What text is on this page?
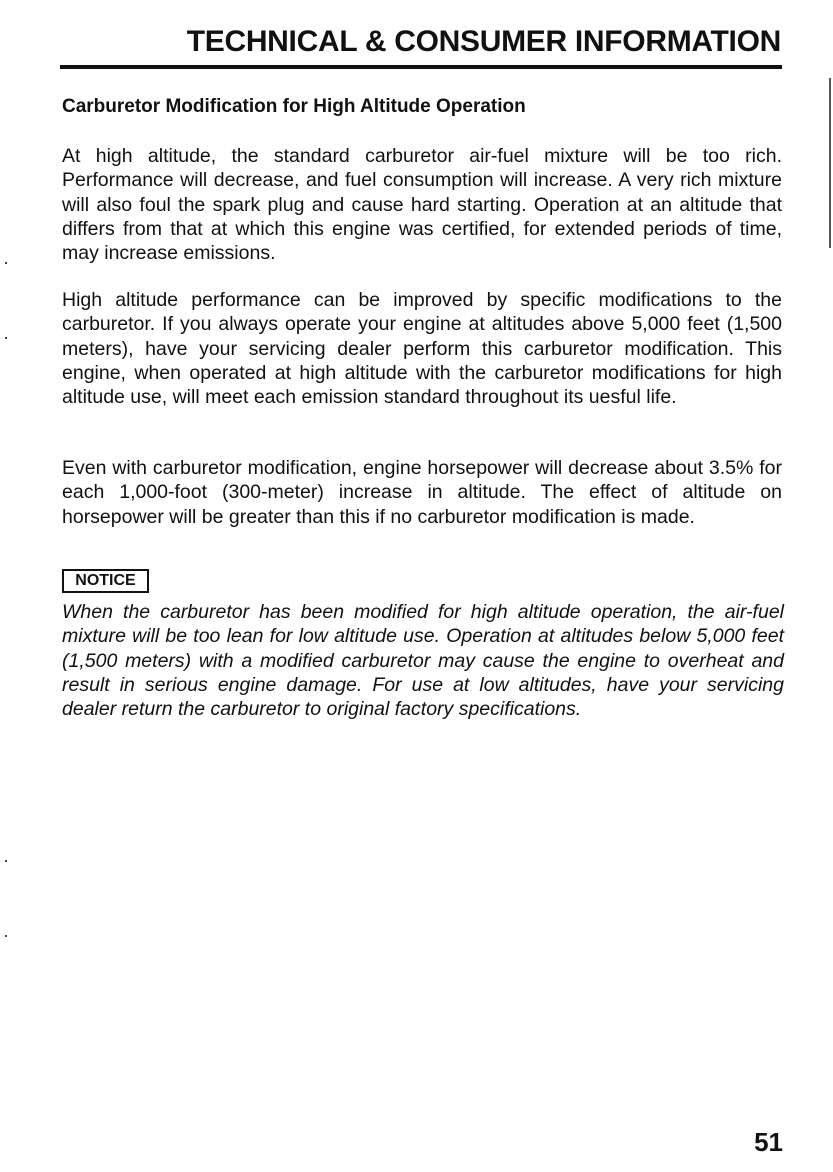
TECHNICAL & CONSUMER INFORMATION
Carburetor Modification for High Altitude Operation

At high altitude, the standard carburetor air-fuel mixture will be too rich. Performance will decrease, and fuel consumption will increase. A very rich mixture will also foul the spark plug and cause hard starting. Operation at an altitude that differs from that at which this engine was certified, for extended periods of time, may increase emissions.

High altitude performance can be improved by specific modifications to the carburetor. If you always operate your engine at altitudes above 5,000 feet (1,500 meters), have your servicing dealer perform this carburetor modification. This engine, when operated at high altitude with the carburetor modifications for high altitude use, will meet each emission standard throughout its uesful life.

Even with carburetor modification, engine horsepower will decrease about 3.5% for each 1,000-foot (300-meter) increase in altitude. The effect of altitude on horsepower will be greater than this if no carburetor modification is made.

NOTICE

When the carburetor has been modified for high altitude operation, the air-fuel mixture will be too lean for low altitude use. Operation at altitudes below 5,000 feet (1,500 meters) with a modified carburetor may cause the engine to overheat and result in serious engine damage. For use at low altitudes, have your servicing dealer return the carburetor to original factory specifications.

51
